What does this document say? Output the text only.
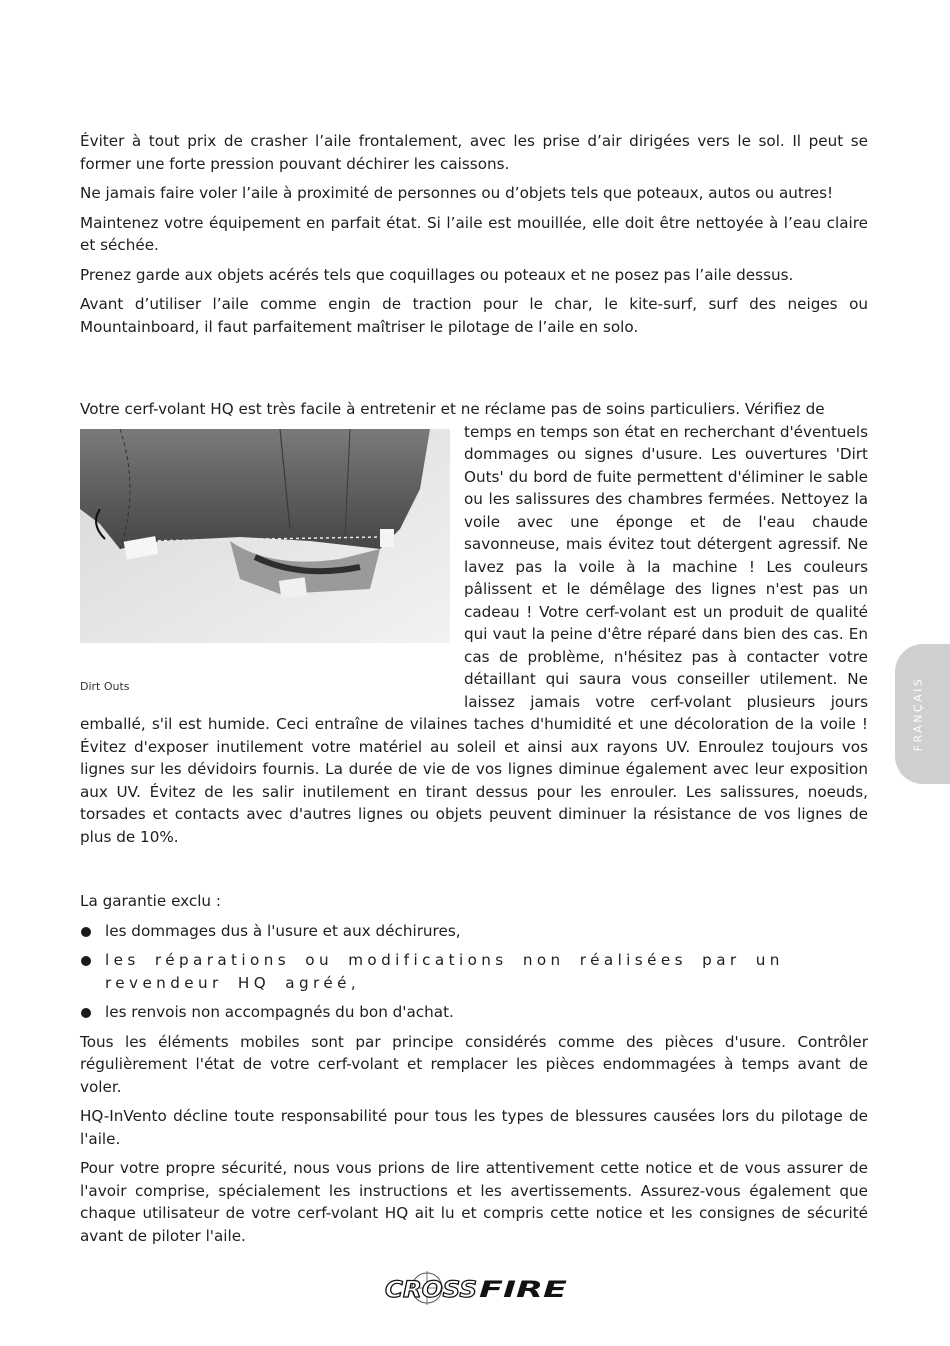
Éviter à tout prix de crasher l’aile frontalement, avec les prise d’air dirigées vers le sol. Il peut se former une forte pression pouvant déchirer les caissons.

Ne jamais faire voler l’aile à proximité de personnes ou d’objets tels que poteaux, autos ou autres!

Maintenez votre équipement en parfait état. Si l’aile est mouillée, elle doit être nettoyée à l’eau claire et séchée.

Prenez garde aux objets acérés tels que coquillages ou poteaux et ne posez pas l’aile dessus.

Avant d’utiliser l’aile comme engin de traction pour le char, le kite-surf, surf des neiges ou Mountainboard, il faut parfaitement maîtriser le pilotage de l’aile en solo.

Votre cerf-volant HQ est très facile à entretenir et ne réclame pas de soins particuliers. Vérifiez de

Dirt Outs

temps en temps son état en recherchant d'éventuels dommages ou signes d'usure. Les ouvertures 'Dirt Outs' du bord de fuite permettent d'éliminer le sable ou les salissures des chambres fermées. Nettoyez la voile avec une éponge et de l'eau chaude savonneuse, mais évitez tout détergent agressif. Ne lavez pas la voile à la machine ! Les couleurs pâlissent et le démêlage des lignes n'est pas un cadeau ! Votre cerf-volant est un produit de qualité qui vaut la peine d'être réparé dans bien des cas. En cas de problème, n'hésitez pas à contacter votre détaillant qui saura vous conseiller utilement. Ne laissez jamais votre cerf-volant plusieurs jours emballé, s'il est humide. Ceci entraîne de vilaines taches d'humidité et une décoloration de la voile ! Évitez d'exposer inutilement votre matériel au soleil et ainsi aux rayons UV. Enroulez toujours vos lignes sur les dévidoirs fournis. La durée de vie de vos lignes diminue également avec leur exposition aux UV. Évitez de les salir inutilement en tirant dessus pour les enrouler. Les salissures, noeuds, torsades et contacts avec d'autres lignes ou objets peuvent diminuer la résistance de vos lignes de plus de 10%.

La garantie exclu :

les dommages dus à l'usure et aux déchirures,
les réparations ou modifications non réalisées par un revendeur HQ agréé,
les renvois non accompagnés du bon d'achat.

Tous les éléments mobiles sont par principe considérés comme des pièces d'usure. Contrôler régulièrement l'état de votre cerf-volant et remplacer les pièces endommagées à temps avant de voler.

HQ-InVento décline toute responsabilité pour tous les types de blessures causées lors du pilotage de l'aile.

Pour votre propre sécurité, nous vous prions de lire attentivement cette notice et de vous assurer de l'avoir comprise, spécialement les instructions et les avertissements. Assurez-vous également que chaque utilisateur de votre cerf-volant HQ ait lu et compris cette notice et les consignes de sécurité avant de piloter l'aile.

FRANÇAIS
CROSS FIRE
